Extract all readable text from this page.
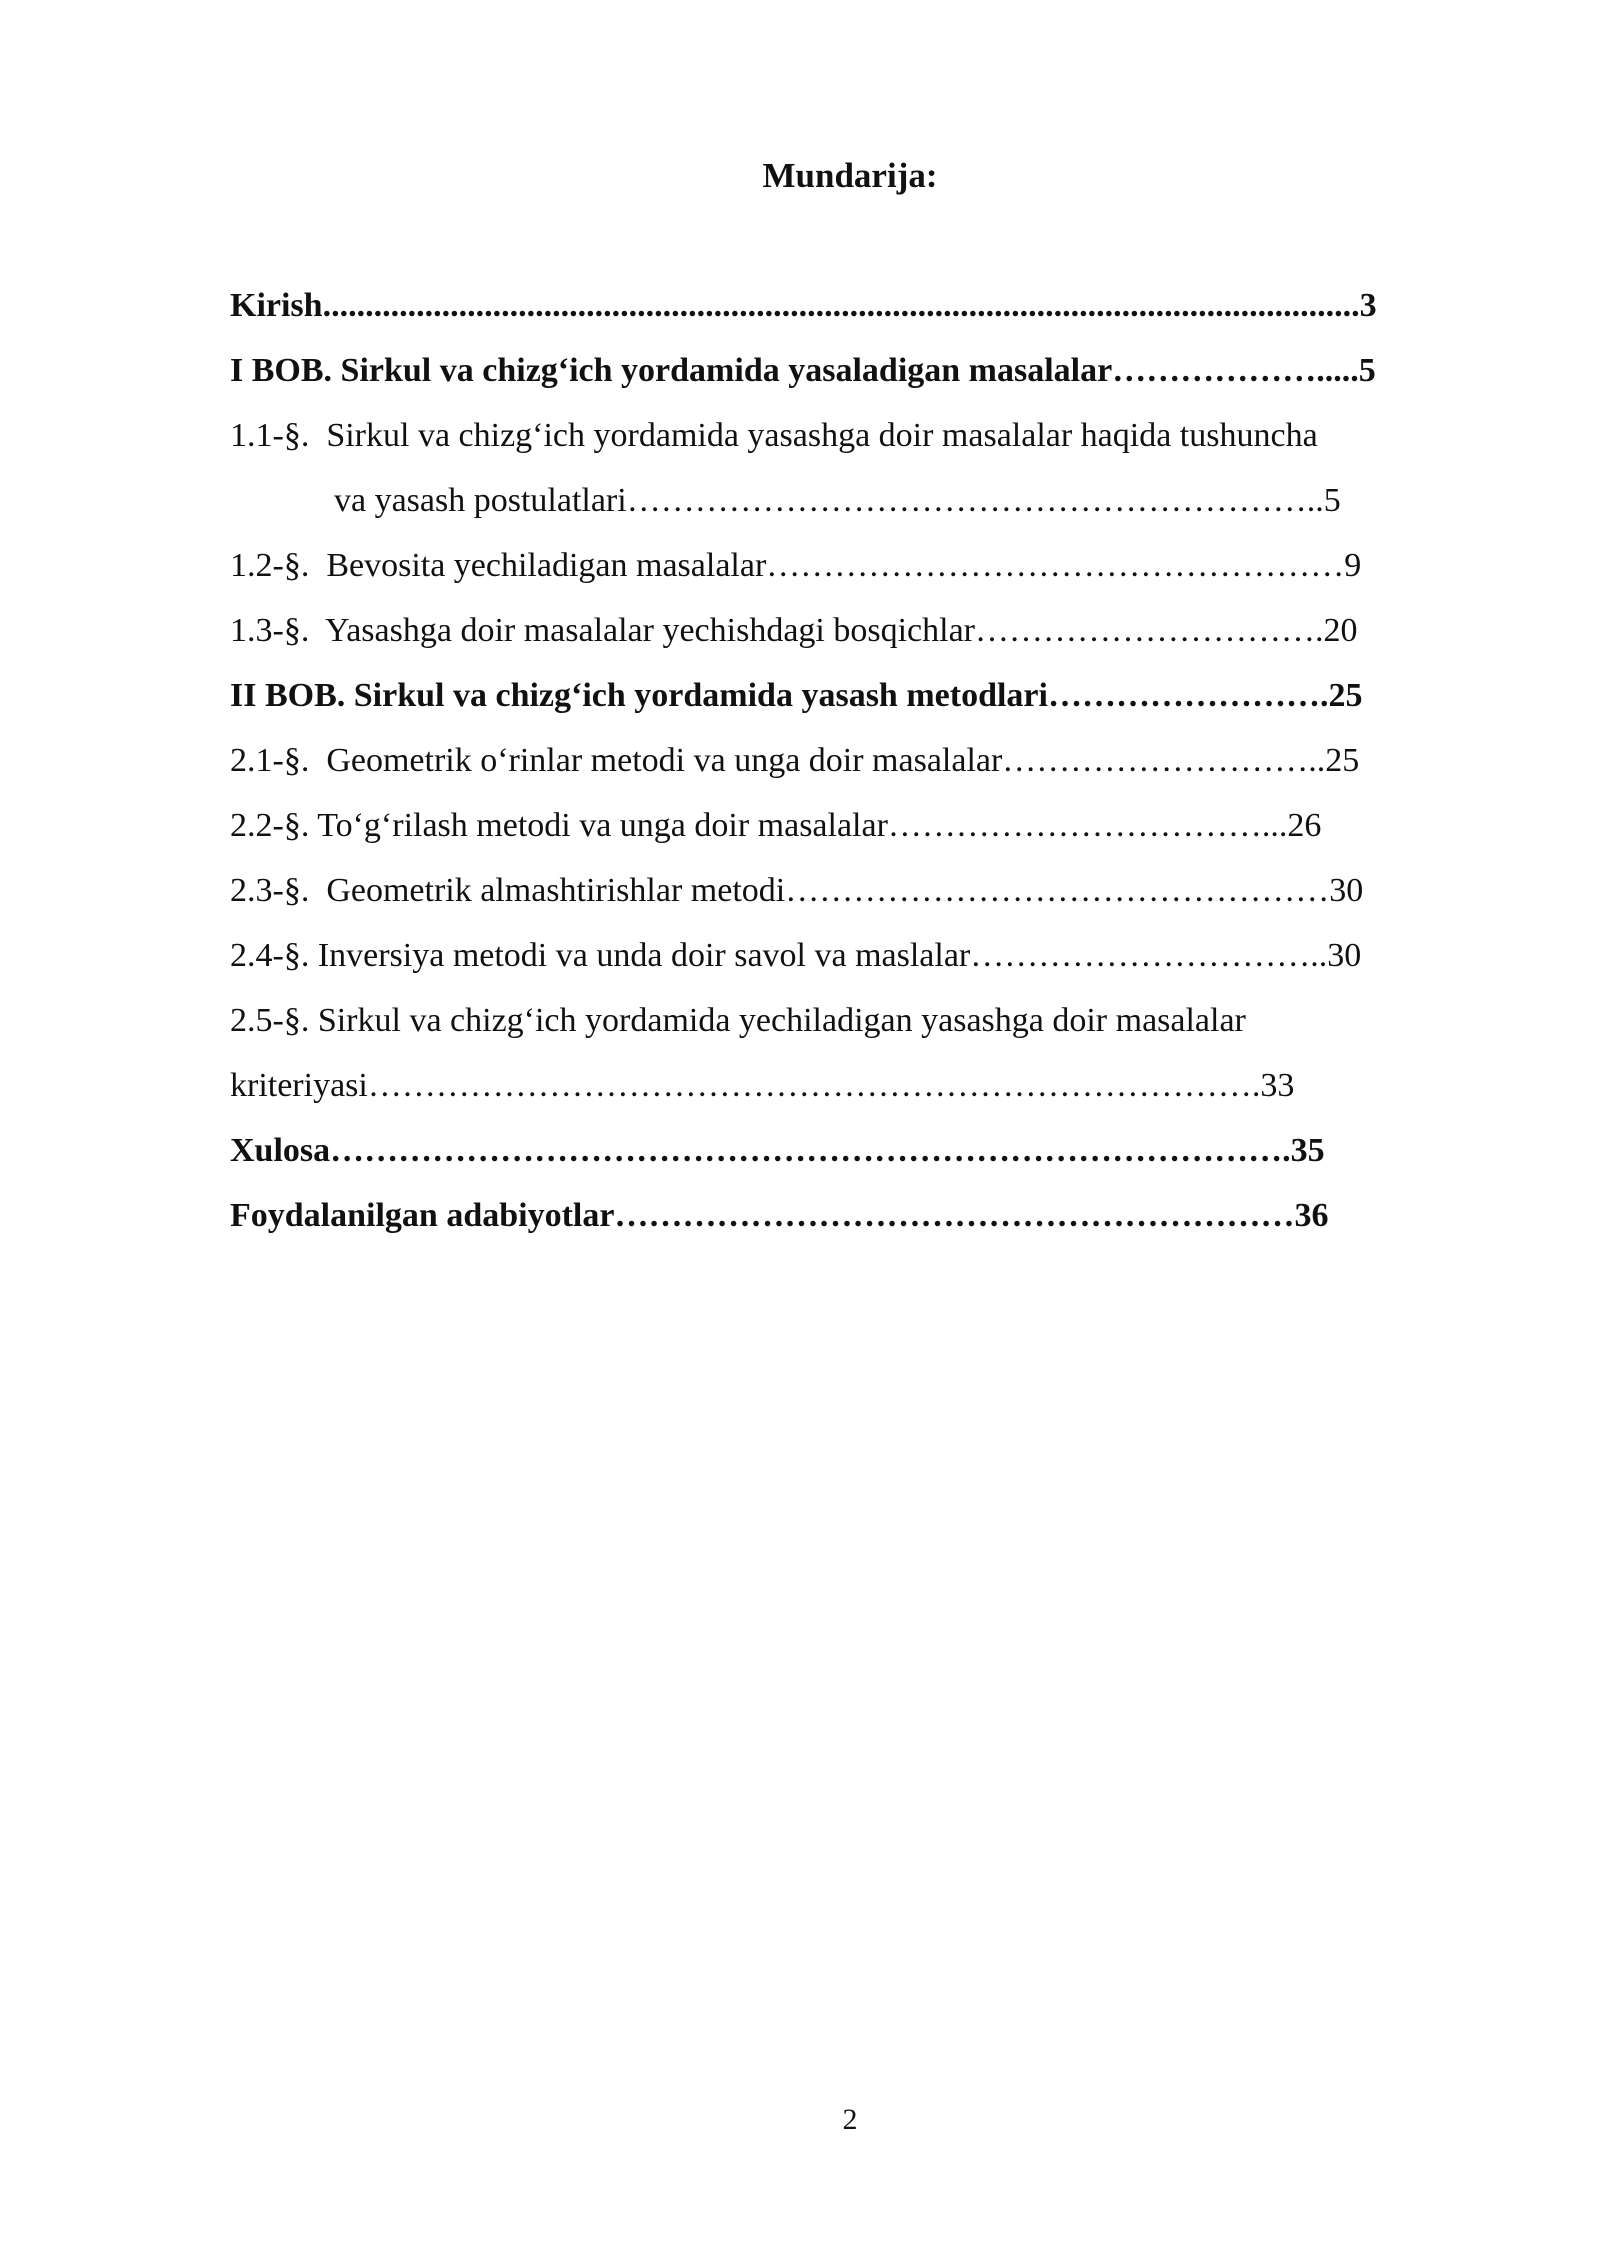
Mundarija:
Kirish..........................................................................................................................3
I BOB. Sirkul va chizg‘ich yordamida yasaladigan masalalar……………….....5
1.1-§.  Sirkul va chizg‘ich yordamida yasashga doir masalalar haqida tushuncha
va yasash postulatlari……………………………………………………..5
1.2-§.  Bevosita yechiladigan masalalar……………………………………………9
1.3-§.  Yasashga doir masalalar yechishdagi bosqichlar………………………….20
II BOB. Sirkul va chizg‘ich yordamida yasash metodlari…………………….25
2.1-§.  Geometrik o‘rinlar metodi va unga doir masalalar………………………..25
2.2-§. To‘g‘rilash metodi va unga doir masalalar……………………………...26
2.3-§.  Geometrik almashtirishlar metodi…………………………………………30
2.4-§. Inversiya metodi va unda doir savol va maslalar…………………………..30
2.5-§. Sirkul va chizg‘ich yordamida yechiladigan yasashga doir masalalar
kriteriyasi…………………………………………………………………….33
Xulosa………………………………………………………………………….35
Foydalanilgan adabiyotlar……………………………………………………36
2
